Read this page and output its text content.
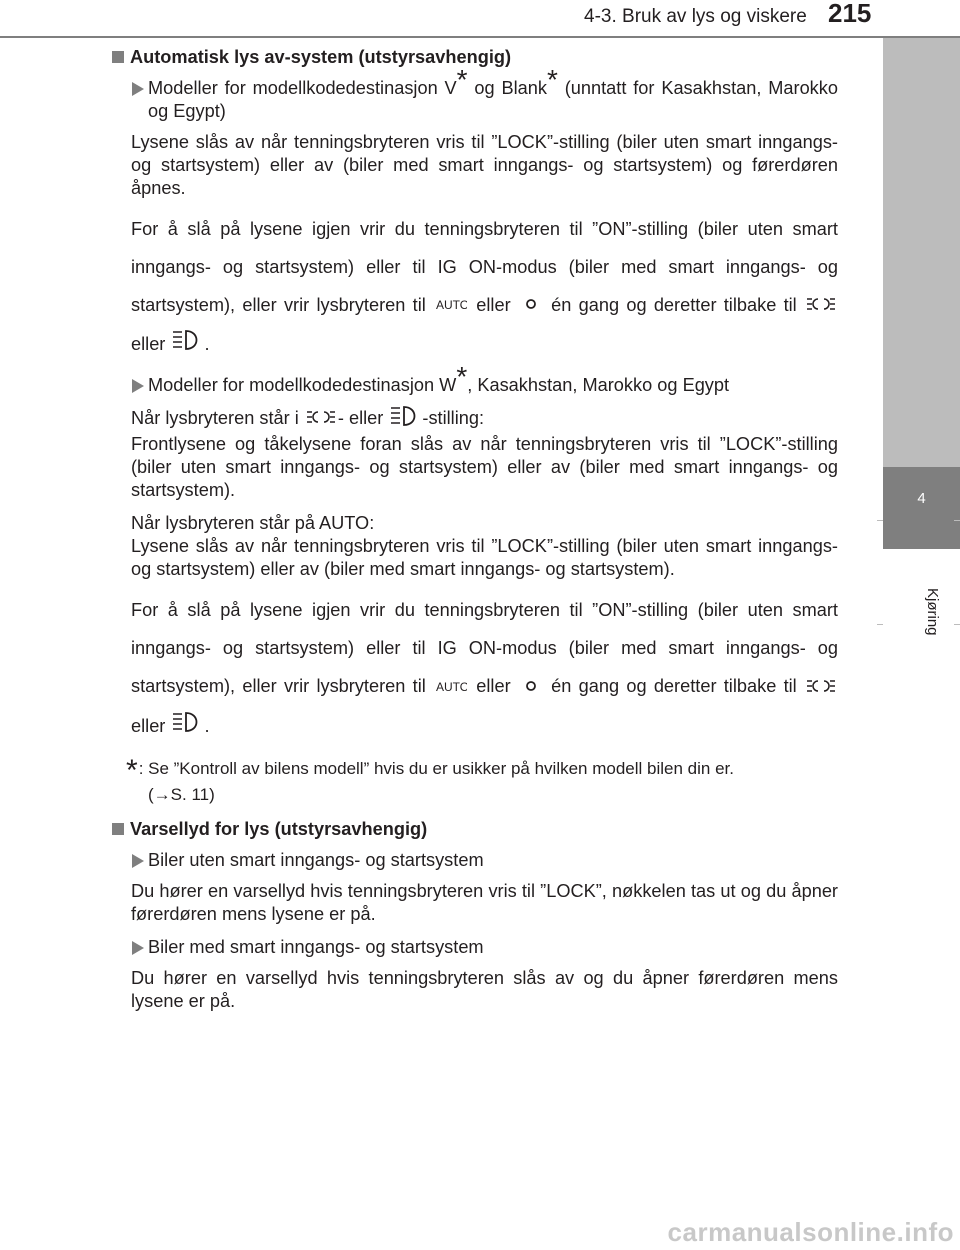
4-3. Bruk av lys og viskere 215
4
Kjøring
Automatisk lys av-system (utstyrsavhengig)
Modeller for modellkodedestinasjon V* og Blank* (unntatt for Kasakhstan, Marokko og Egypt)
Lysene slås av når tenningsbryteren vris til ”LOCK”-stilling (biler uten smart inngangs- og startsystem) eller av (biler med smart inngangs- og startsystem) og førerdøren åpnes.
For å slå på lysene igjen vrir du tenningsbryteren til ”ON”-stilling (biler uten smart inngangs- og startsystem) eller til IG ON-modus (biler med smart inngangs- og startsystem), eller vrir lysbryteren til AUTO eller én gang og deretter tilbake til  eller .
Modeller for modellkodedestinasjon W*, Kasakhstan, Marokko og Egypt

Når lysbryteren står i - eller -stilling:

Frontlysene og tåkelysene foran slås av når tenningsbryteren vris til ”LOCK”-stilling (biler uten smart inngangs- og startsystem) eller av (biler med smart inngangs- og startsystem).

Når lysbryteren står på AUTO:

Lysene slås av når tenningsbryteren vris til ”LOCK”-stilling (biler uten smart inngangs- og startsystem) eller av (biler med smart inngangs- og startsystem).

For å slå på lysene igjen vrir du tenningsbryteren til ”ON”-stilling (biler uten smart inngangs- og startsystem) eller til IG ON-modus (biler med smart inngangs- og startsystem), eller vrir lysbryteren til AUTO eller én gang og deretter tilbake til  eller .
*: Se ”Kontroll av bilens modell” hvis du er usikker på hvilken modell bilen din er.
(→S. 11)
Varsellyd for lys (utstyrsavhengig)
Biler uten smart inngangs- og startsystem
Du hører en varsellyd hvis tenningsbryteren vris til ”LOCK”, nøkkelen tas ut og du åpner førerdøren mens lysene er på.
Biler med smart inngangs- og startsystem
Du hører en varsellyd hvis tenningsbryteren slås av og du åpner førerdøren mens lysene er på.
carmanualsonline.info
